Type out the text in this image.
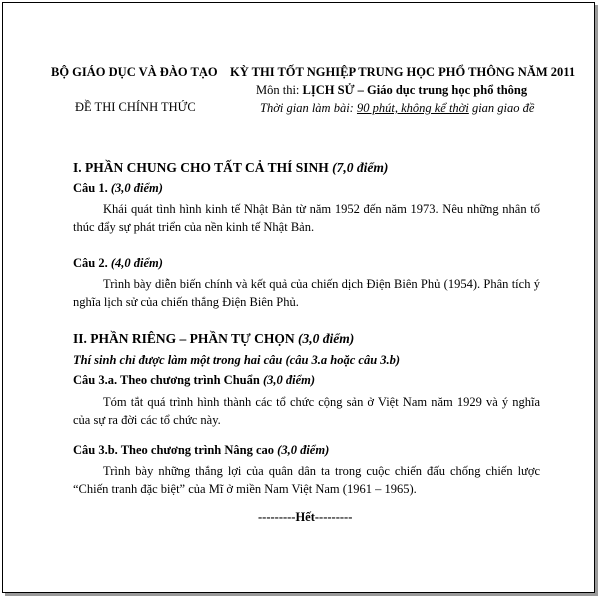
BỘ GIÁO DỤC VÀ ĐÀO TẠO
ĐỀ THI CHÍNH THỨC
KỲ THI TỐT NGHIỆP TRUNG HỌC PHỔ THÔNG NĂM 2011
Môn thi: LỊCH SỬ – Giáo dục trung học phổ thông
Thời gian làm bài: 90 phút, không kể thời gian giao đề
I. PHẦN CHUNG CHO TẤT CẢ THÍ SINH (7,0 điểm)
Câu 1. (3,0 điểm)
Khái quát tình hình kinh tế Nhật Bản từ năm 1952 đến năm 1973. Nêu những nhân tố thúc đẩy sự phát triển của nền kinh tế Nhật Bản.
Câu 2. (4,0 điểm)
Trình bày diễn biến chính và kết quả của chiến dịch Điện Biên Phủ (1954). Phân tích ý nghĩa lịch sử của chiến thắng Điện Biên Phủ.
II. PHẦN RIÊNG – PHẦN TỰ CHỌN (3,0 điểm)
Thí sinh chỉ được làm một trong hai câu (câu 3.a hoặc câu 3.b)
Câu 3.a. Theo chương trình Chuẩn (3,0 điểm)
Tóm tắt quá trình hình thành các tổ chức cộng sản ở Việt Nam năm 1929 và ý nghĩa của sự ra đời các tổ chức này.
Câu 3.b. Theo chương trình Nâng cao (3,0 điểm)
Trình bày những thắng lợi của quân dân ta trong cuộc chiến đấu chống chiến lược “Chiến tranh đặc biệt” của Mĩ ở miền Nam Việt Nam (1961 – 1965).
---------Hết---------
